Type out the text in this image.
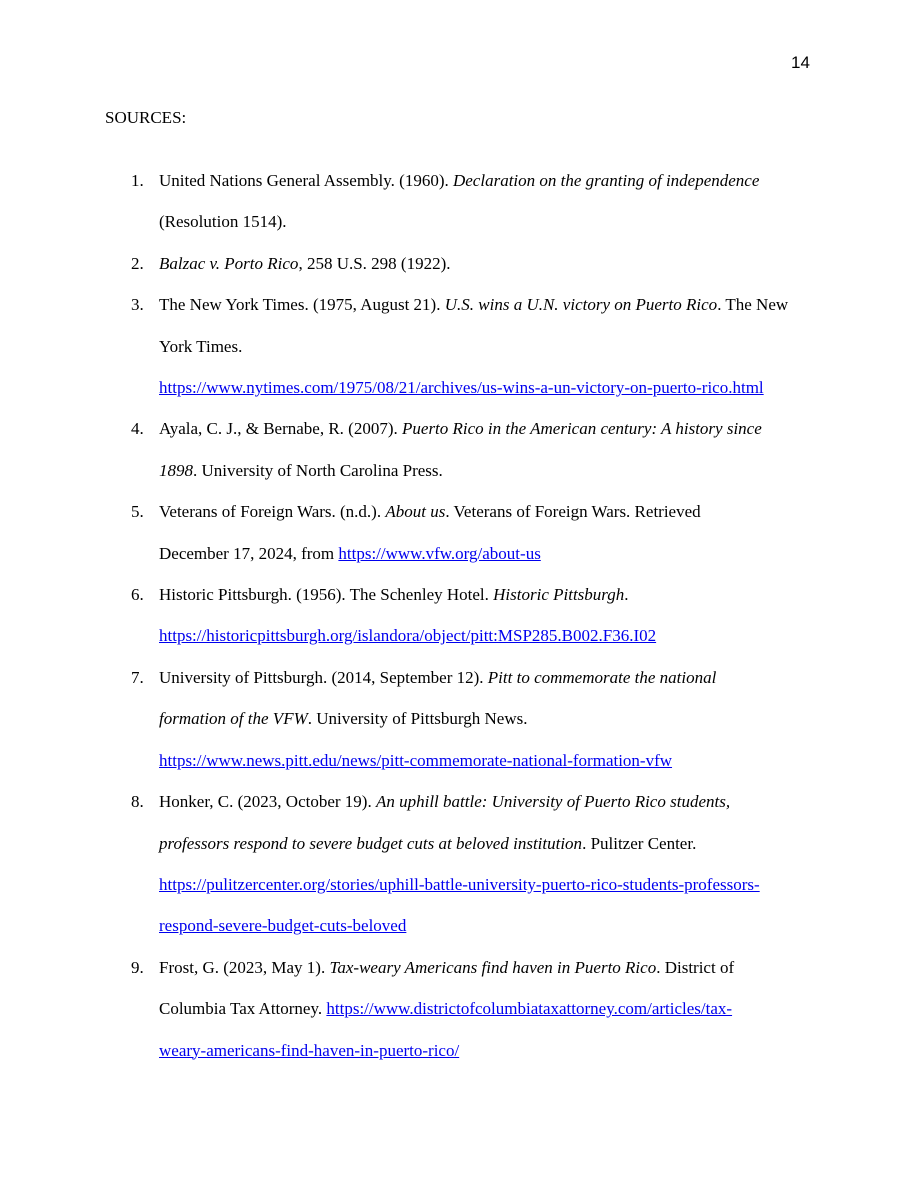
14
SOURCES:
1. United Nations General Assembly. (1960). Declaration on the granting of independence (Resolution 1514).
2. Balzac v. Porto Rico, 258 U.S. 298 (1922).
3. The New York Times. (1975, August 21). U.S. wins a U.N. victory on Puerto Rico. The New York Times.
https://www.nytimes.com/1975/08/21/archives/us-wins-a-un-victory-on-puerto-rico.html
4. Ayala, C. J., & Bernabe, R. (2007). Puerto Rico in the American century: A history since 1898. University of North Carolina Press.
5. Veterans of Foreign Wars. (n.d.). About us. Veterans of Foreign Wars. Retrieved December 17, 2024, from https://www.vfw.org/about-us
6. Historic Pittsburgh. (1956). The Schenley Hotel. Historic Pittsburgh.
https://historicpittsburgh.org/islandora/object/pitt:MSP285.B002.F36.I02
7. University of Pittsburgh. (2014, September 12). Pitt to commemorate the national formation of the VFW. University of Pittsburgh News.
https://www.news.pitt.edu/news/pitt-commemorate-national-formation-vfw
8. Honker, C. (2023, October 19). An uphill battle: University of Puerto Rico students, professors respond to severe budget cuts at beloved institution. Pulitzer Center.
https://pulitzercenter.org/stories/uphill-battle-university-puerto-rico-students-professors-respond-severe-budget-cuts-beloved
9. Frost, G. (2023, May 1). Tax-weary Americans find haven in Puerto Rico. District of Columbia Tax Attorney. https://www.districtofcolumbiataxattorney.com/articles/tax-weary-americans-find-haven-in-puerto-rico/
